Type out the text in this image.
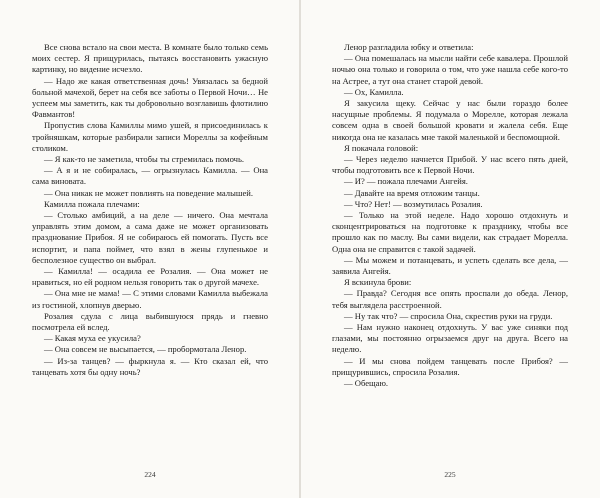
Все снова встало на свои места. В комнате было только семь моих сестер. Я прищурилась, пытаясь восстановить ужасную картинку, но видение исчезло.

— Надо же какая ответственная дочь! Увязалась за бедной больной мачехой, берет на себя все заботы о Первой Ночи… Не успеем мы заметить, как ты добровольно возглавишь флотилию Фавмантов!

Пропустив слова Камиллы мимо ушей, я присоединилась к тройняшкам, которые разбирали записи Мореллы за кофейным столиком.

— Я как-то не заметила, чтобы ты стремилась помочь.

— А я и не собиралась, — огрызнулась Камилла. — Она сама виновата.

— Она никак не может повлиять на поведение малышей.

Камилла пожала плечами:

— Столько амбиций, а на деле — ничего. Она мечтала управлять этим домом, а сама даже не может организовать празднование Прибоя. Я не собираюсь ей помогать. Пусть все испортит, и папа поймет, что взял в жены глупенькое и бесполезное существо он выбрал.

— Камилла! — осадила ее Розалия. — Она может не нравиться, но ей родном нельзя говорить так о другой мачехе.

— Она мне не мама! — С этими словами Камилла выбежала из гостиной, хлопнув дверью.

Розалия сдула с лица выбившуюся прядь и гневно посмотрела ей вслед.

— Какая муха ее укусила?

— Она совсем не высыпается, — пробормотала Ленор.

— Из-за танцев? — фыркнула я. — Кто сказал ей, что танцевать хотя бы одну ночь?

224

Ленор разгладила юбку и ответила:

— Она помешалась на мысли найти себе кавалера. Прошлой ночью она только и говорила о том, что уже нашла себе кого-то на Астрее, а тут она станет старой девой.

— Ох, Камилла.

Я закусила щеку. Сейчас у нас были гораздо более насущные проблемы. Я подумала о Морелле, которая лежала совсем одна в своей большой кровати и жалела себя. Еще никогда она не казалась мне такой маленькой и беспомощной.

Я покачала головой:

— Через неделю начнется Прибой. У нас всего пять дней, чтобы подготовить все к Первой Ночи.

— И? — пожала плечами Ангейя.

— Давайте на время отложим танцы.

— Что? Нет! — возмутилась Розалия.

— Только на этой неделе. Надо хорошо отдохнуть и сконцентрироваться на подготовке к празднику, чтобы все прошло как по маслу. Вы сами видели, как страдает Морелла. Одна она не справится с такой задачей.

— Мы можем и потанцевать, и успеть сделать все дела, — заявила Ангейя.

Я вскинула брови:

— Правда? Сегодня все опять проспали до обеда. Ленор, тебя выглядела расстроенной.

— Ну так что? — спросила Она, скрестив руки на груди.

— Нам нужно наконец отдохнуть. У вас уже синяки под глазами, мы постоянно огрызаемся друг на друга. Всего на неделю.

— И мы снова пойдем танцевать после Прибоя? — прищурившись, спросила Розалия.

— Обещаю.

225
